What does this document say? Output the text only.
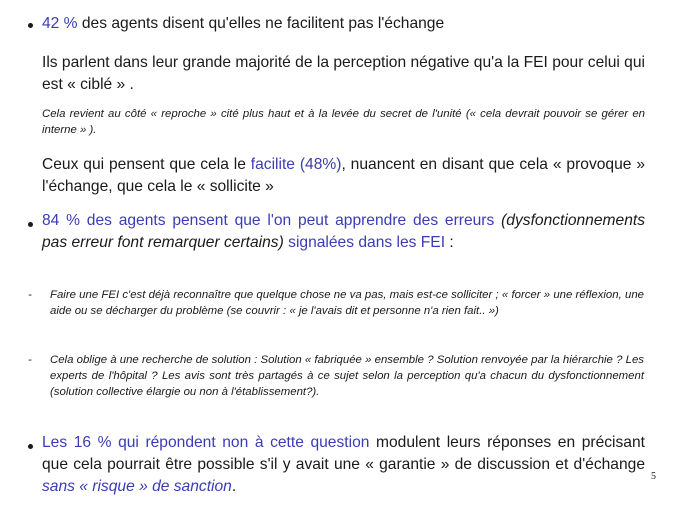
42 % des agents disent qu'elles ne facilitent pas l'échange
Ils parlent dans leur grande majorité de la perception négative qu'a la FEI pour celui qui est « ciblé » .
Cela revient au côté « reproche » cité plus haut et à la levée du secret de l'unité (« cela devrait pouvoir se gérer en interne » ).
Ceux qui pensent que cela le facilite (48%), nuancent en disant que cela « provoque » l'échange, que cela le « sollicite »
84 % des agents pensent que l'on peut apprendre des erreurs (dysfonctionnements pas erreur font remarquer certains) signalées dans les FEI :
- Faire une FEI c'est déjà reconnaître que quelque chose ne va pas, mais est-ce solliciter ; « forcer » une réflexion, une aide ou se décharger du problème (se couvrir : « je l'avais dit et personne n'a rien fait.. »)
- Cela oblige à une recherche de solution : Solution « fabriquée » ensemble ? Solution renvoyée par la hiérarchie ? Les experts de l'hôpital ? Les avis sont très partagés à ce sujet selon la perception qu'a chacun du dysfonctionnement (solution collective élargie ou non à l'établissement?).
Les 16 % qui répondent non à cette question modulent leurs réponses en précisant que cela pourrait être possible s'il y avait une « garantie » de discussion et d'échange sans « risque » de sanction.
5
